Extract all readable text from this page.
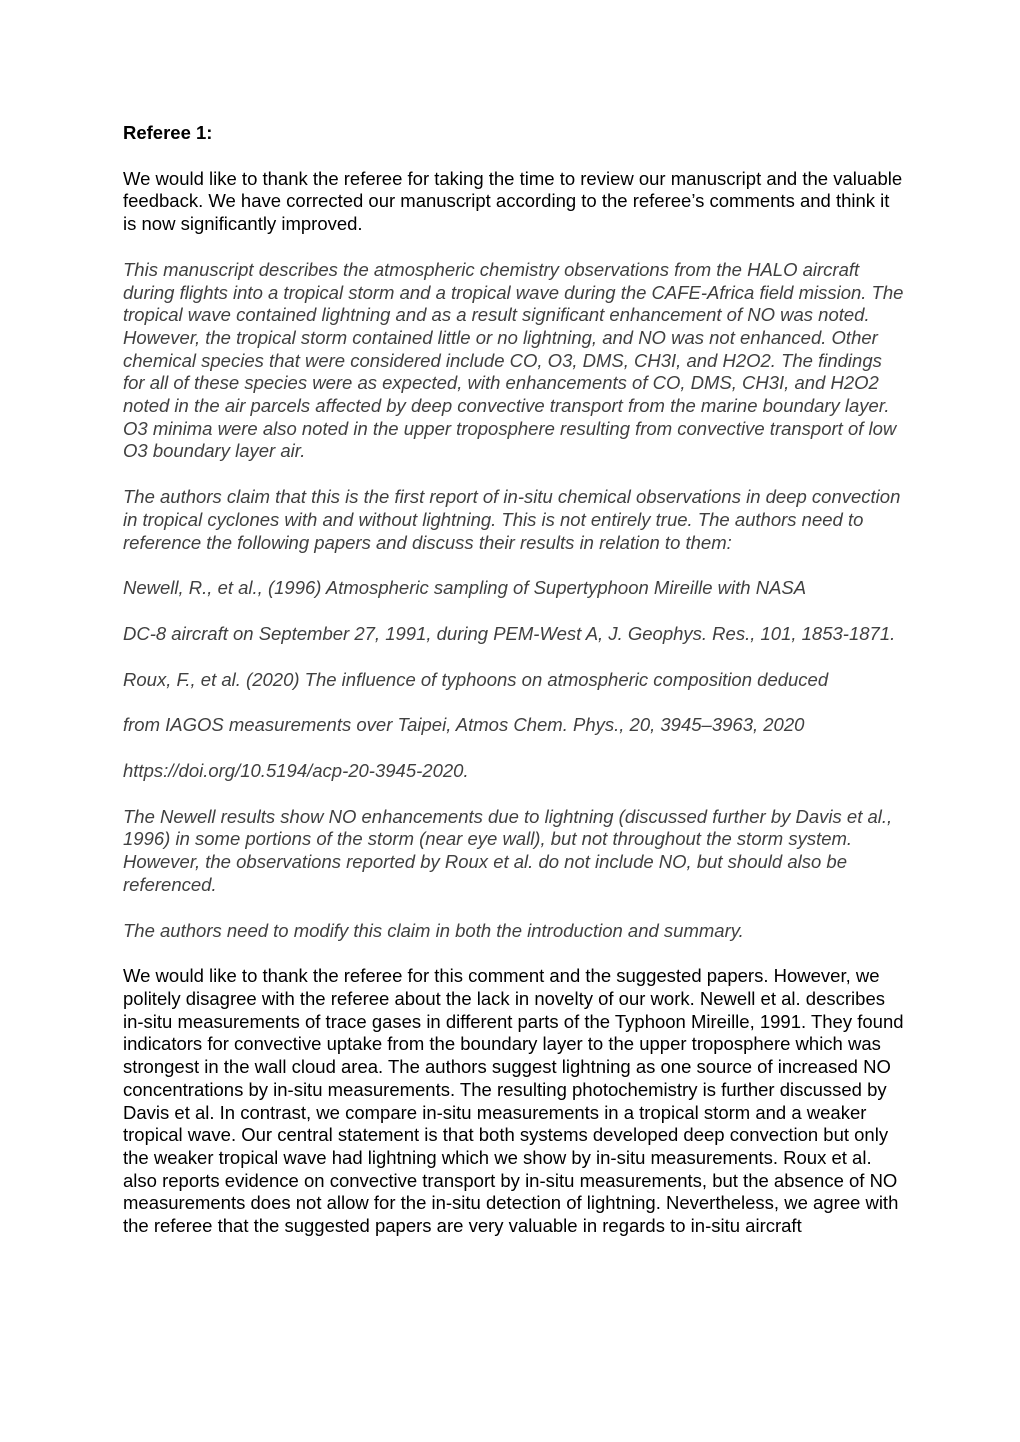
Referee 1:

We would like to thank the referee for taking the time to review our manuscript and the valuable feedback. We have corrected our manuscript according to the referee’s comments and think it is now significantly improved.

This manuscript describes the atmospheric chemistry observations from the HALO aircraft during flights into a tropical storm and a tropical wave during the CAFE-Africa field mission. The tropical wave contained lightning and as a result significant enhancement of NO was noted. However, the tropical storm contained little or no lightning, and NO was not enhanced. Other chemical species that were considered include CO, O3, DMS, CH3I, and H2O2. The findings for all of these species were as expected, with enhancements of CO, DMS, CH3I, and H2O2 noted in the air parcels affected by deep convective transport from the marine boundary layer. O3 minima were also noted in the upper troposphere resulting from convective transport of low O3 boundary layer air.

The authors claim that this is the first report of in-situ chemical observations in deep convection in tropical cyclones with and without lightning. This is not entirely true. The authors need to reference the following papers and discuss their results in relation to them:

Newell, R., et al., (1996) Atmospheric sampling of Supertyphoon Mireille with NASA

DC-8 aircraft on September 27, 1991, during PEM-West A, J. Geophys. Res., 101, 1853-1871.

Roux, F., et al. (2020) The influence of typhoons on atmospheric composition deduced

from IAGOS measurements over Taipei, Atmos Chem. Phys., 20, 3945–3963, 2020

https://doi.org/10.5194/acp-20-3945-2020.

The Newell results show NO enhancements due to lightning (discussed further by Davis et al., 1996) in some portions of the storm (near eye wall), but not throughout the storm system. However, the observations reported by Roux et al. do not include NO, but should also be referenced.

The authors need to modify this claim in both the introduction and summary.

We would like to thank the referee for this comment and the suggested papers. However, we politely disagree with the referee about the lack in novelty of our work. Newell et al. describes in-situ measurements of trace gases in different parts of the Typhoon Mireille, 1991. They found indicators for convective uptake from the boundary layer to the upper troposphere which was strongest in the wall cloud area. The authors suggest lightning as one source of increased NO concentrations by in-situ measurements. The resulting photochemistry is further discussed by Davis et al. In contrast, we compare in-situ measurements in a tropical storm and a weaker tropical wave. Our central statement is that both systems developed deep convection but only the weaker tropical wave had lightning which we show by in-situ measurements. Roux et al. also reports evidence on convective transport by in-situ measurements, but the absence of NO measurements does not allow for the in-situ detection of lightning. Nevertheless, we agree with the referee that the suggested papers are very valuable in regards to in-situ aircraft
